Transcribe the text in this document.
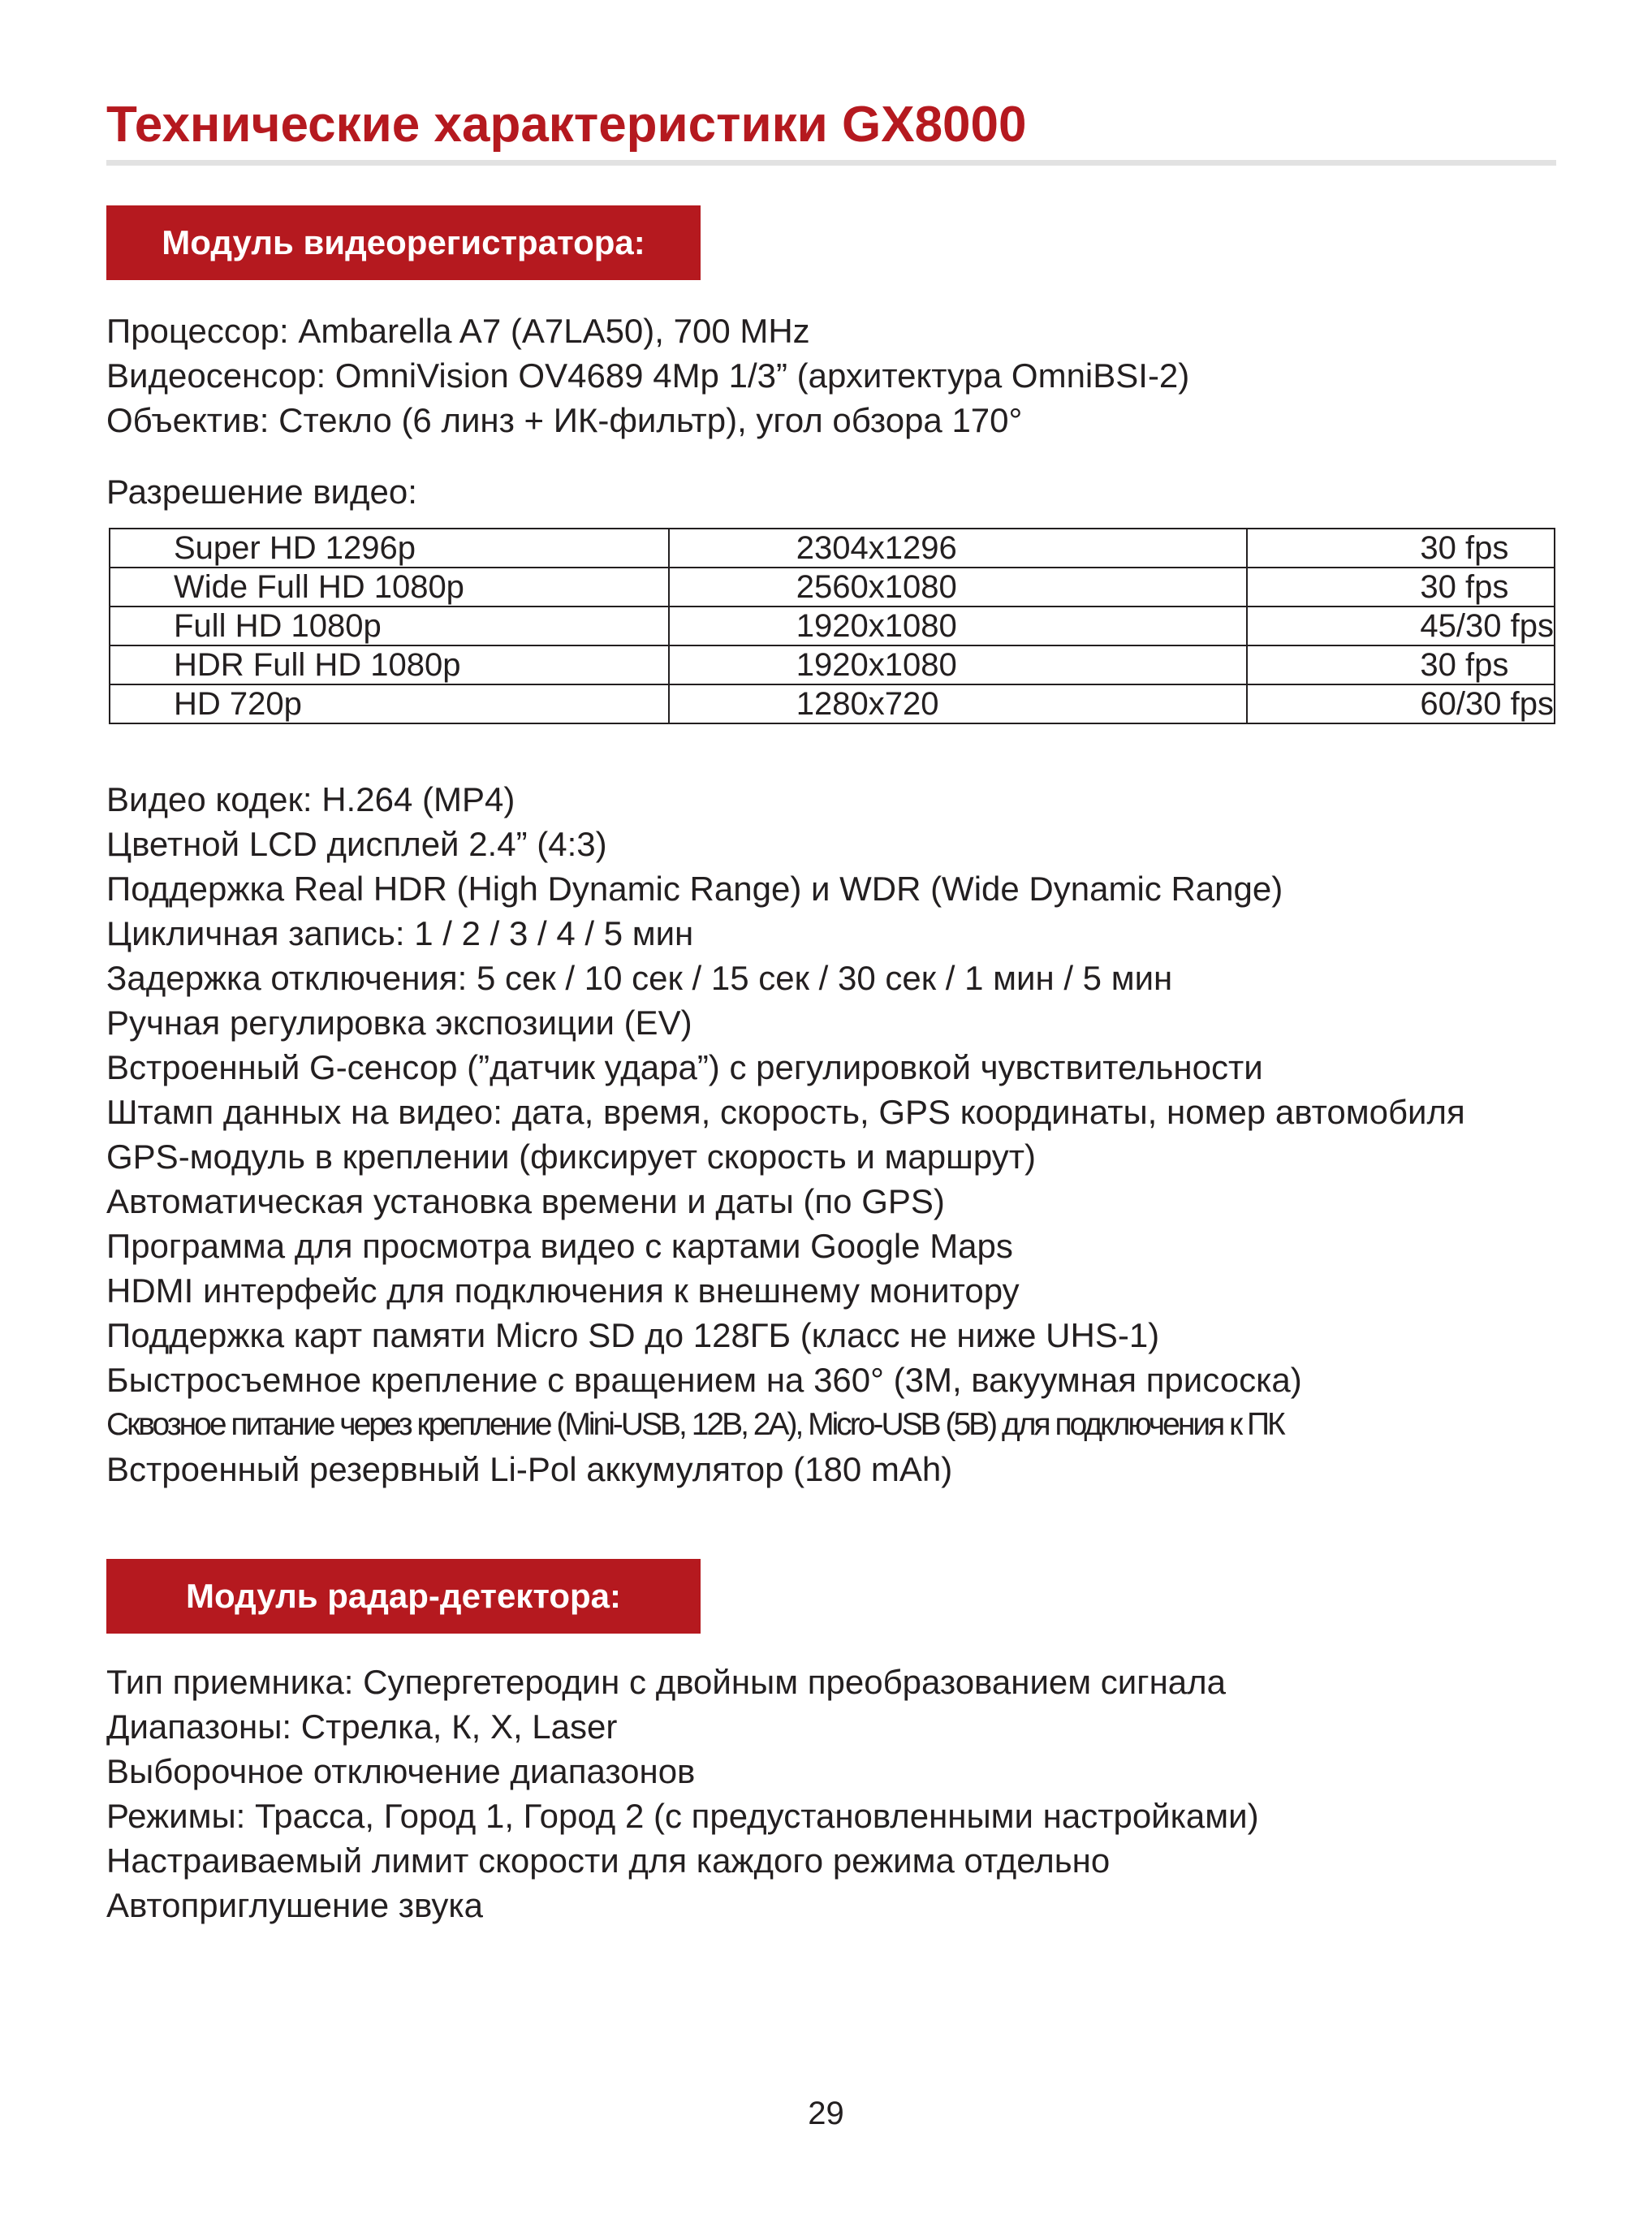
Технические характеристики GX8000
Модуль видеорегистратора:
Процессор: Ambarella A7 (A7LA50), 700 MHz
Видеосенсор: OmniVision OV4689 4Mp 1/3” (архитектура OmniBSI-2)
Объектив: Стекло (6 линз + ИК-фильтр), угол обзора 170°
Разрешение видео:
Super HD 1296p	2304x1296	30 fps
Wide Full HD 1080p	2560x1080	30 fps
Full HD 1080p	1920x1080	45/30 fps
HDR Full HD 1080p	1920x1080	30 fps
HD 720p	1280x720	60/30 fps
Видео кодек: H.264 (MP4)
Цветной LCD дисплей 2.4” (4:3)
Поддержка Real HDR (High Dynamic Range) и WDR (Wide Dynamic Range)
Цикличная запись: 1 / 2 / 3 / 4 / 5 мин
Задержка отключения: 5 сек / 10 сек / 15 сек / 30 сек / 1 мин / 5 мин
Ручная регулировка экспозиции (EV)
Встроенный G-сенсор (”датчик удара”) с регулировкой чувствительности
Штамп данных на видео: дата, время, скорость, GPS координаты, номер автомобиля
GPS-модуль в креплении (фиксирует скорость и маршрут)
Автоматическая установка времени и даты (по GPS)
Программа для просмотра видео с картами Google Maps
HDMI интерфейс для подключения к внешнему монитору
Поддержка карт памяти Micro SD до 128ГБ (класс не ниже UHS-1)
Быстросъемное крепление с вращением на 360° (3M, вакуумная присоска)
Сквозное питание через крепление (Mini-USB, 12В, 2А), Micro-USB (5В) для подключения к ПК
Встроенный резервный Li-Pol аккумулятор (180 mAh)
Модуль радар-детектора:
Тип приемника: Супергетеродин с двойным преобразованием сигнала
Диапазоны: Стрелка, К, X, Laser
Выборочное отключение диапазонов
Режимы: Трасса, Город 1, Город 2 (с предустановленными настройками)
Настраиваемый лимит скорости для каждого режима отдельно
Автоприглушение звука
29
